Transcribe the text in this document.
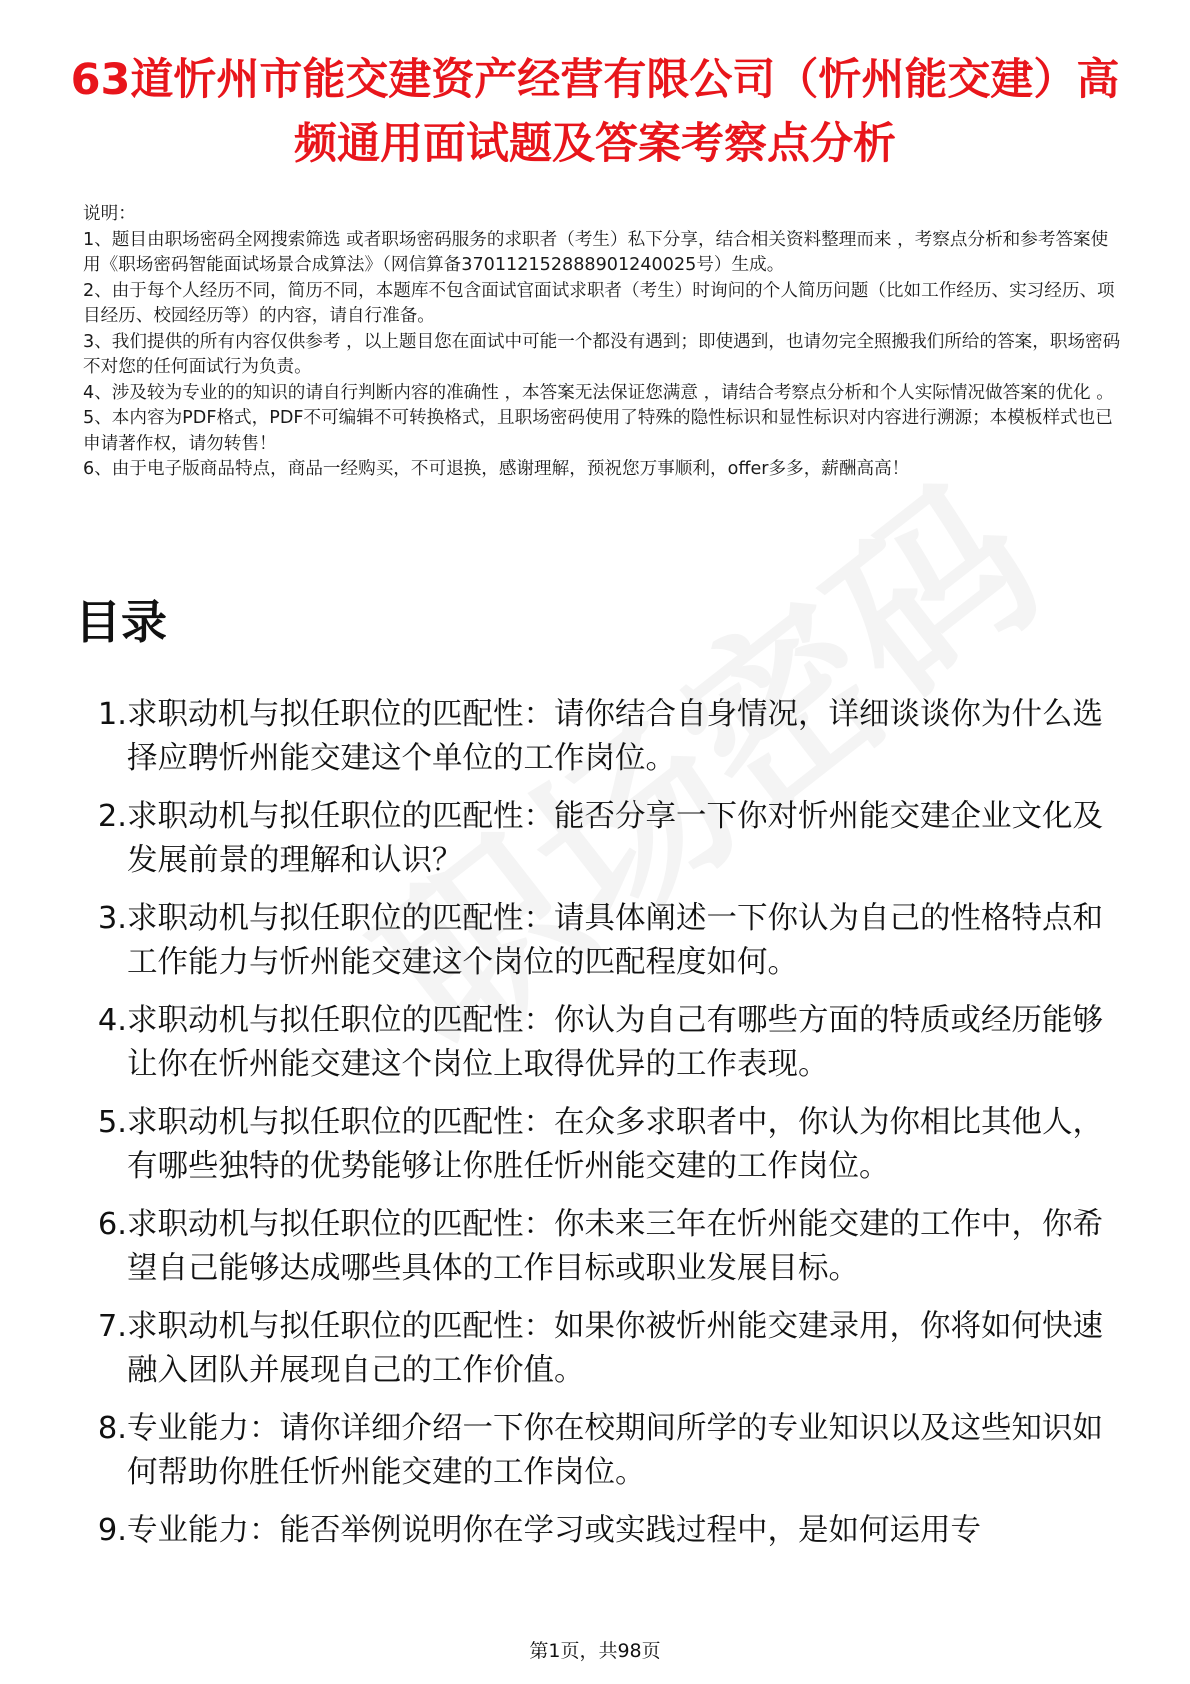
63道忻州市能交建资产经营有限公司（忻州能交建）高频通用面试题及答案考察点分析

说明：

1、题目由职场密码全网搜索筛选 或者职场密码服务的求职者（考生）私下分享，结合相关资料整理而来 ，考察点分析和参考答案使用《职场密码智能面试场景合成算法》（网信算备370112152888901240025号）生成。

2、由于每个人经历不同，简历不同，本题库不包含面试官面试求职者（考生）时询问的个人简历问题（比如工作经历、实习经历、项目经历、校园经历等）的内容，请自行准备。

3、我们提供的所有内容仅供参考 ，以上题目您在面试中可能一个都没有遇到；即使遇到，也请勿完全照搬我们所给的答案，职场密码不对您的任何面试行为负责。

4、涉及较为专业的的知识的请自行判断内容的准确性 ，本答案无法保证您满意 ，请结合考察点分析和个人实际情况做答案的优化 。

5、本内容为PDF格式，PDF不可编辑不可转换格式，且职场密码使用了特殊的隐性标识和显性标识对内容进行溯源；本模板样式也已申请著作权，请勿转售！

6、由于电子版商品特点，商品一经购买，不可退换，感谢理解，预祝您万事顺利，offer多多，薪酬高高！

目录
1. 求职动机与拟任职位的匹配性：请你结合自身情况，详细谈谈你为什么选择应聘忻州能交建这个单位的工作岗位。
2. 求职动机与拟任职位的匹配性：能否分享一下你对忻州能交建企业文化及发展前景的理解和认识？
3. 求职动机与拟任职位的匹配性：请具体阐述一下你认为自己的性格特点和工作能力与忻州能交建这个岗位的匹配程度如何。
4. 求职动机与拟任职位的匹配性：你认为自己有哪些方面的特质或经历能够让你在忻州能交建这个岗位上取得优异的工作表现。
5. 求职动机与拟任职位的匹配性：在众多求职者中，你认为你相比其他人，有哪些独特的优势能够让你胜任忻州能交建的工作岗位。
6. 求职动机与拟任职位的匹配性：你未来三年在忻州能交建的工作中，你希望自己能够达成哪些具体的工作目标或职业发展目标。
7. 求职动机与拟任职位的匹配性：如果你被忻州能交建录用，你将如何快速融入团队并展现自己的工作价值。
8. 专业能力：请你详细介绍一下你在校期间所学的专业知识以及这些知识如何帮助你胜任忻州能交建的工作岗位。
9. 专业能力：能否举例说明你在学习或实践过程中，是如何运用专
第1页，共98页
